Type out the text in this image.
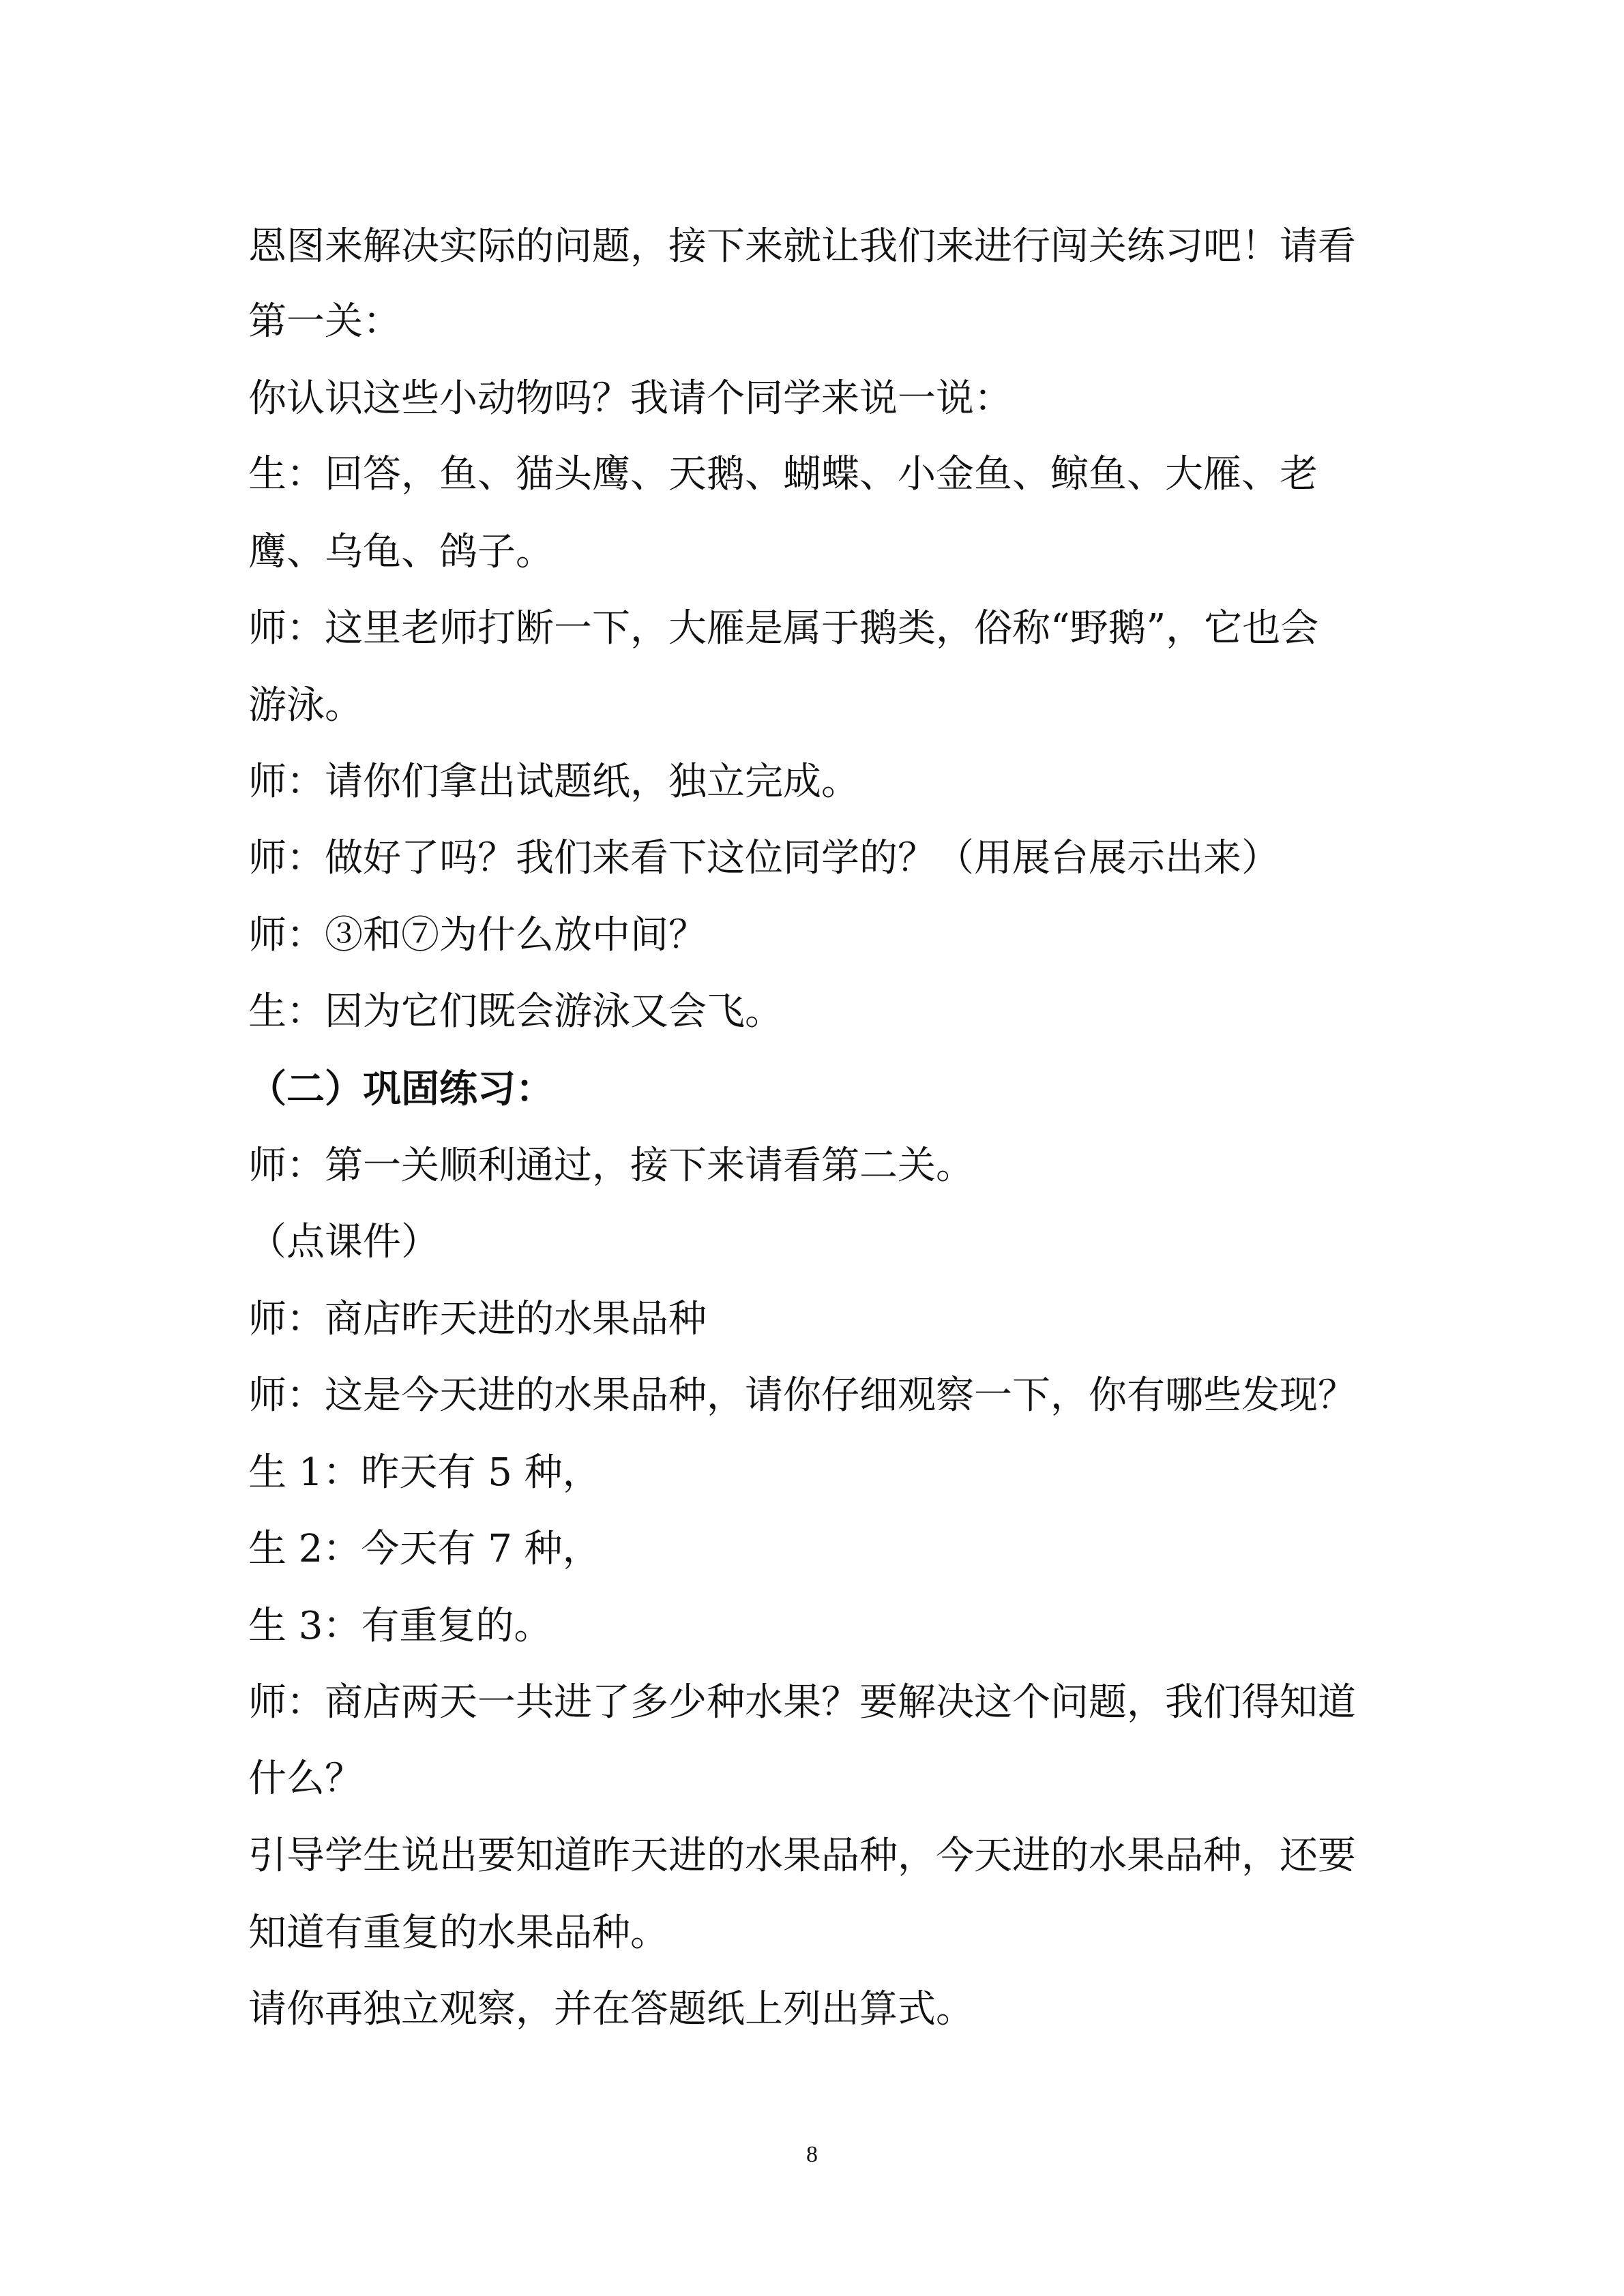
恩图来解决实际的问题，接下来就让我们来进行闯关练习吧！请看
第一关：
你认识这些小动物吗？我请个同学来说一说：
生：回答，鱼、猫头鹰、天鹅、蝴蝶、小金鱼、鲸鱼、大雁、老
鹰、乌龟、鸽子。
师：这里老师打断一下，大雁是属于鹅类，俗称“野鹅”，它也会
游泳。
师：请你们拿出试题纸，独立完成。
师：做好了吗？我们来看下这位同学的？（用展台展示出来）
师：③和⑦为什么放中间？
生：因为它们既会游泳又会飞。
（二）巩固练习：
师：第一关顺利通过，接下来请看第二关。
（点课件）
师：商店昨天进的水果品种
师：这是今天进的水果品种，请你仔细观察一下，你有哪些发现？
生 1：昨天有 5 种，
生 2：今天有 7 种，
生 3：有重复的。
师：商店两天一共进了多少种水果？要解决这个问题，我们得知道
什么？
引导学生说出要知道昨天进的水果品种，今天进的水果品种，还要
知道有重复的水果品种。
请你再独立观察，并在答题纸上列出算式。
8
